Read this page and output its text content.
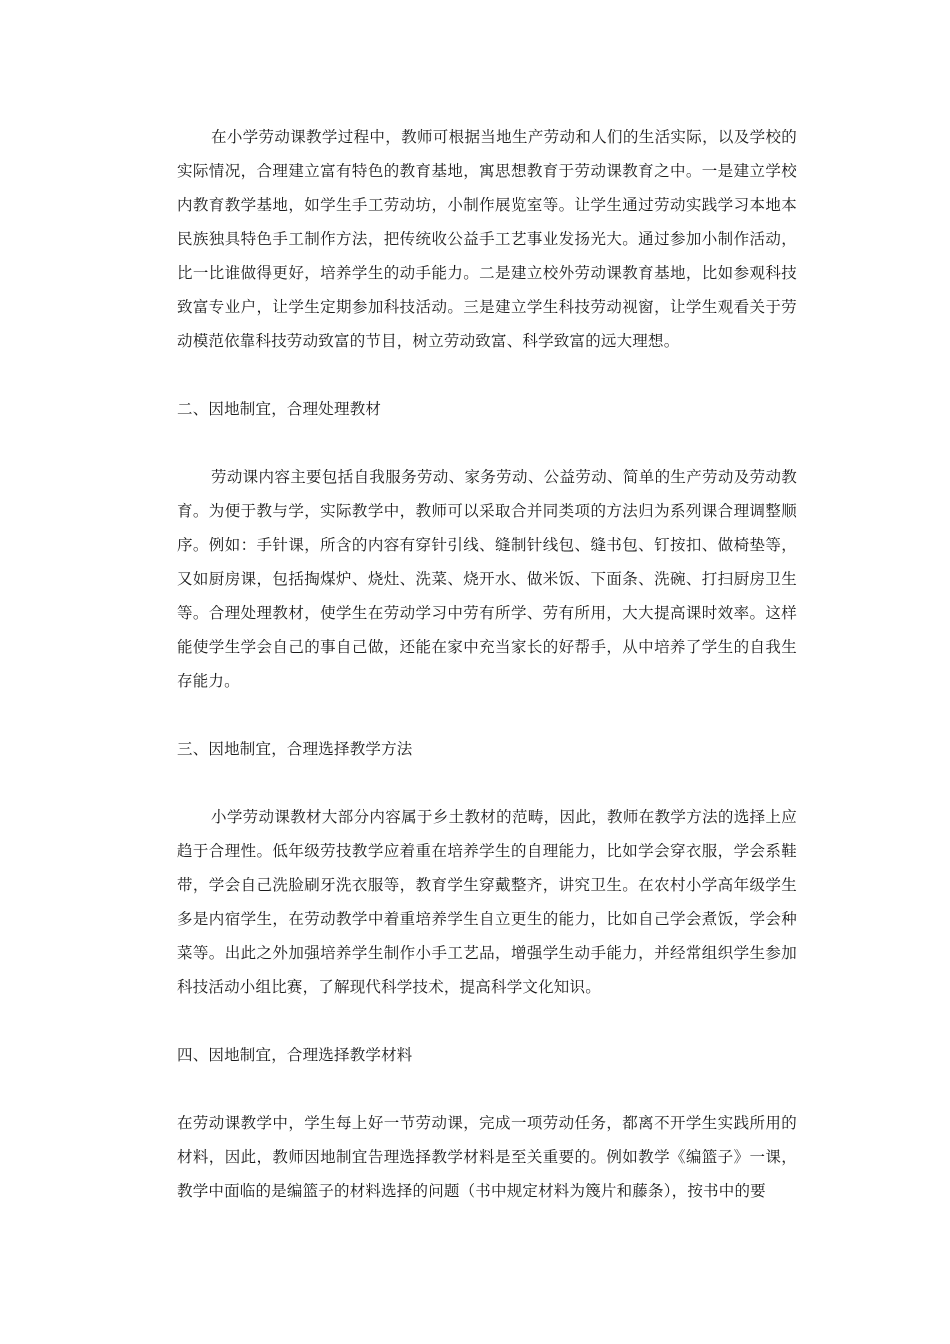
在小学劳动课教学过程中，教师可根据当地生产劳动和人们的生活实际，以及学校的实际情况，合理建立富有特色的教育基地，寓思想教育于劳动课教育之中。一是建立学校内教育教学基地，如学生手工劳动坊，小制作展览室等。让学生通过劳动实践学习本地本民族独具特色手工制作方法，把传统收公益手工艺事业发扬光大。通过参加小制作活动，比一比谁做得更好，培养学生的动手能力。二是建立校外劳动课教育基地，比如参观科技致富专业户，让学生定期参加科技活动。三是建立学生科技劳动视窗，让学生观看关于劳动模范依靠科技劳动致富的节目，树立劳动致富、科学致富的远大理想。

二、因地制宜，合理处理教材

劳动课内容主要包括自我服务劳动、家务劳动、公益劳动、简单的生产劳动及劳动教育。为便于教与学，实际教学中，教师可以采取合并同类项的方法归为系列课合理调整顺序。例如：手针课，所含的内容有穿针引线、缝制针线包、缝书包、钉按扣、做椅垫等，又如厨房课，包括掏煤炉、烧灶、洗菜、烧开水、做米饭、下面条、洗碗、打扫厨房卫生等。合理处理教材，使学生在劳动学习中劳有所学、劳有所用，大大提高课时效率。这样能使学生学会自己的事自己做，还能在家中充当家长的好帮手，从中培养了学生的自我生存能力。

三、因地制宜，合理选择教学方法

小学劳动课教材大部分内容属于乡土教材的范畴，因此，教师在教学方法的选择上应趋于合理性。低年级劳技教学应着重在培养学生的自理能力，比如学会穿衣服，学会系鞋带，学会自己洗脸刷牙洗衣服等，教育学生穿戴整齐，讲究卫生。在农村小学高年级学生多是内宿学生，在劳动教学中着重培养学生自立更生的能力，比如自己学会煮饭，学会种菜等。出此之外加强培养学生制作小手工艺品，增强学生动手能力，并经常组织学生参加科技活动小组比赛，了解现代科学技术，提高科学文化知识。

四、因地制宜，合理选择教学材料

在劳动课教学中，学生每上好一节劳动课，完成一项劳动任务，都离不开学生实践所用的材料，因此，教师因地制宜告理选择教学材料是至关重要的。例如教学《编篮子》一课，教学中面临的是编篮子的材料选择的问题（书中规定材料为篾片和藤条），按书中的要
